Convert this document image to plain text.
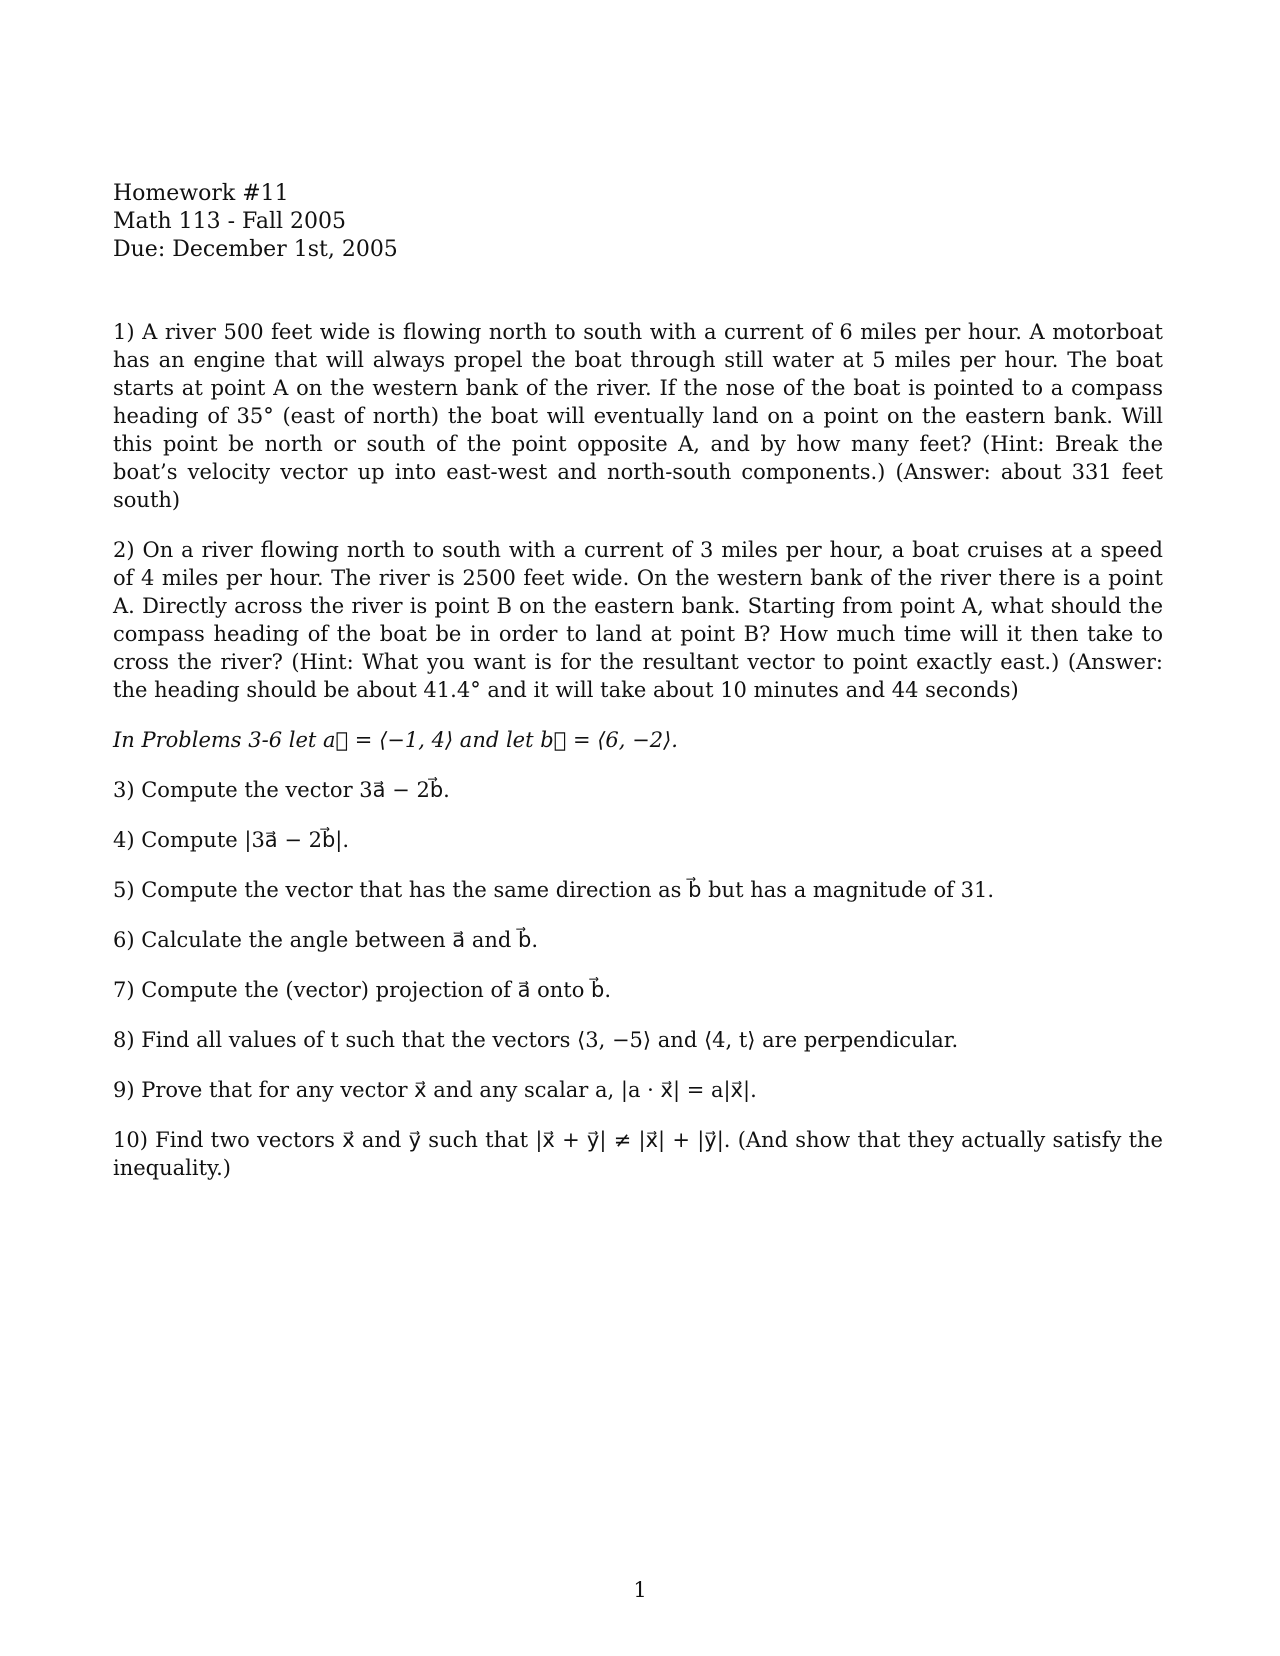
Homework #11

Math 113 - Fall 2005

Due: December 1st, 2005

1) A river 500 feet wide is flowing north to south with a current of 6 miles per hour. A motorboat has an engine that will always propel the boat through still water at 5 miles per hour. The boat starts at point A on the western bank of the river. If the nose of the boat is pointed to a compass heading of 35° (east of north) the boat will eventually land on a point on the eastern bank. Will this point be north or south of the point opposite A, and by how many feet? (Hint: Break the boat’s velocity vector up into east-west and north-south components.) (Answer: about 331 feet south)

2) On a river flowing north to south with a current of 3 miles per hour, a boat cruises at a speed of 4 miles per hour. The river is 2500 feet wide. On the western bank of the river there is a point A. Directly across the river is point B on the eastern bank. Starting from point A, what should the compass heading of the boat be in order to land at point B? How much time will it then take to cross the river? (Hint: What you want is for the resultant vector to point exactly east.) (Answer: the heading should be about 41.4° and it will take about 10 minutes and 44 seconds)

In Problems 3-6 let a⃗ = ⟨−1, 4⟩ and let b⃗ = ⟨6, −2⟩.

3) Compute the vector 3a⃗ − 2b⃗.

4) Compute |3a⃗ − 2b⃗|.

5) Compute the vector that has the same direction as b⃗ but has a magnitude of 31.

6) Calculate the angle between a⃗ and b⃗.

7) Compute the (vector) projection of a⃗ onto b⃗.

8) Find all values of t such that the vectors ⟨3, −5⟩ and ⟨4, t⟩ are perpendicular.

9) Prove that for any vector x⃗ and any scalar a, |a · x⃗| = a|x⃗|.

10) Find two vectors x⃗ and y⃗ such that |x⃗ + y⃗| ≠ |x⃗| + |y⃗|. (And show that they actually satisfy the inequality.)

1
